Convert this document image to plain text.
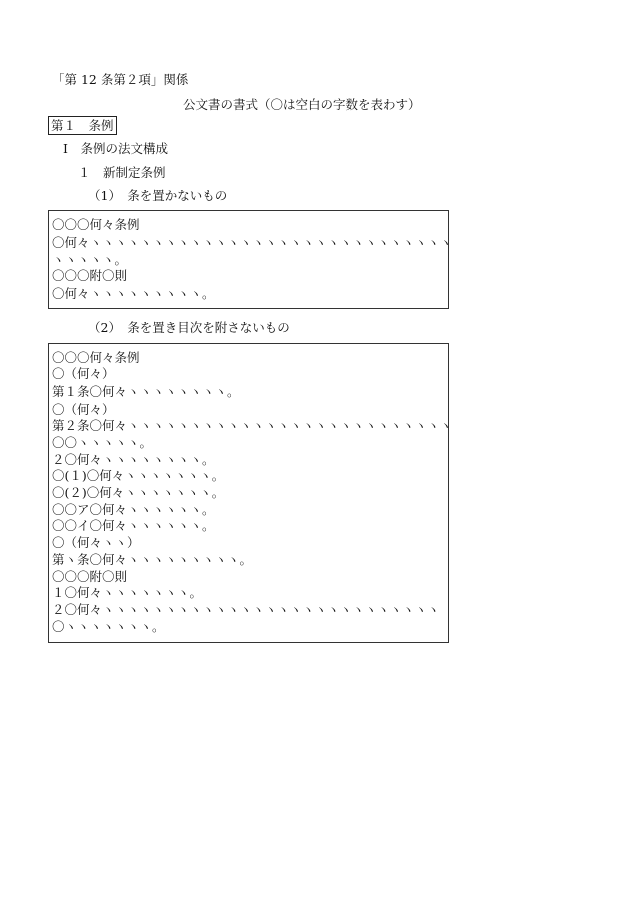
「第 12 条第２項」関係
公文書の書式（〇は空白の字数を表わす）
第１　条例
Ⅰ　条例の法文構成
１　新制定条例
（1）　条を置かないもの
〇〇〇何々条例
〇何々ヽヽヽヽヽヽヽヽヽヽヽヽヽヽヽヽヽヽヽヽヽヽヽヽヽヽヽヽヽ
ヽヽヽヽヽ。
〇〇〇附〇則
〇何々ヽヽヽヽヽヽヽヽヽ。
（2）　条を置き目次を附さないもの
〇〇〇何々条例
〇（何々）
第１条〇何々ヽヽヽヽヽヽヽヽ。
〇（何々）
第２条〇何々ヽヽヽヽヽヽヽヽヽヽヽヽヽヽヽヽヽヽヽヽヽヽヽヽヽヽ
〇〇ヽヽヽヽヽ。
２〇何々ヽヽヽヽヽヽヽヽ。
〇(１)〇何々ヽヽヽヽヽヽヽ。
〇(２)〇何々ヽヽヽヽヽヽヽ。
〇〇ア〇何々ヽヽヽヽヽヽ。
〇〇イ〇何々ヽヽヽヽヽヽ。
〇（何々ヽヽ）
第ヽ条〇何々ヽヽヽヽヽヽヽヽヽ。
〇〇〇附〇則
１〇何々ヽヽヽヽヽヽヽ。
２〇何々ヽヽヽヽヽヽヽヽヽヽヽヽヽヽヽヽヽヽヽヽヽヽヽヽヽヽヽ
〇ヽヽヽヽヽヽヽ。
